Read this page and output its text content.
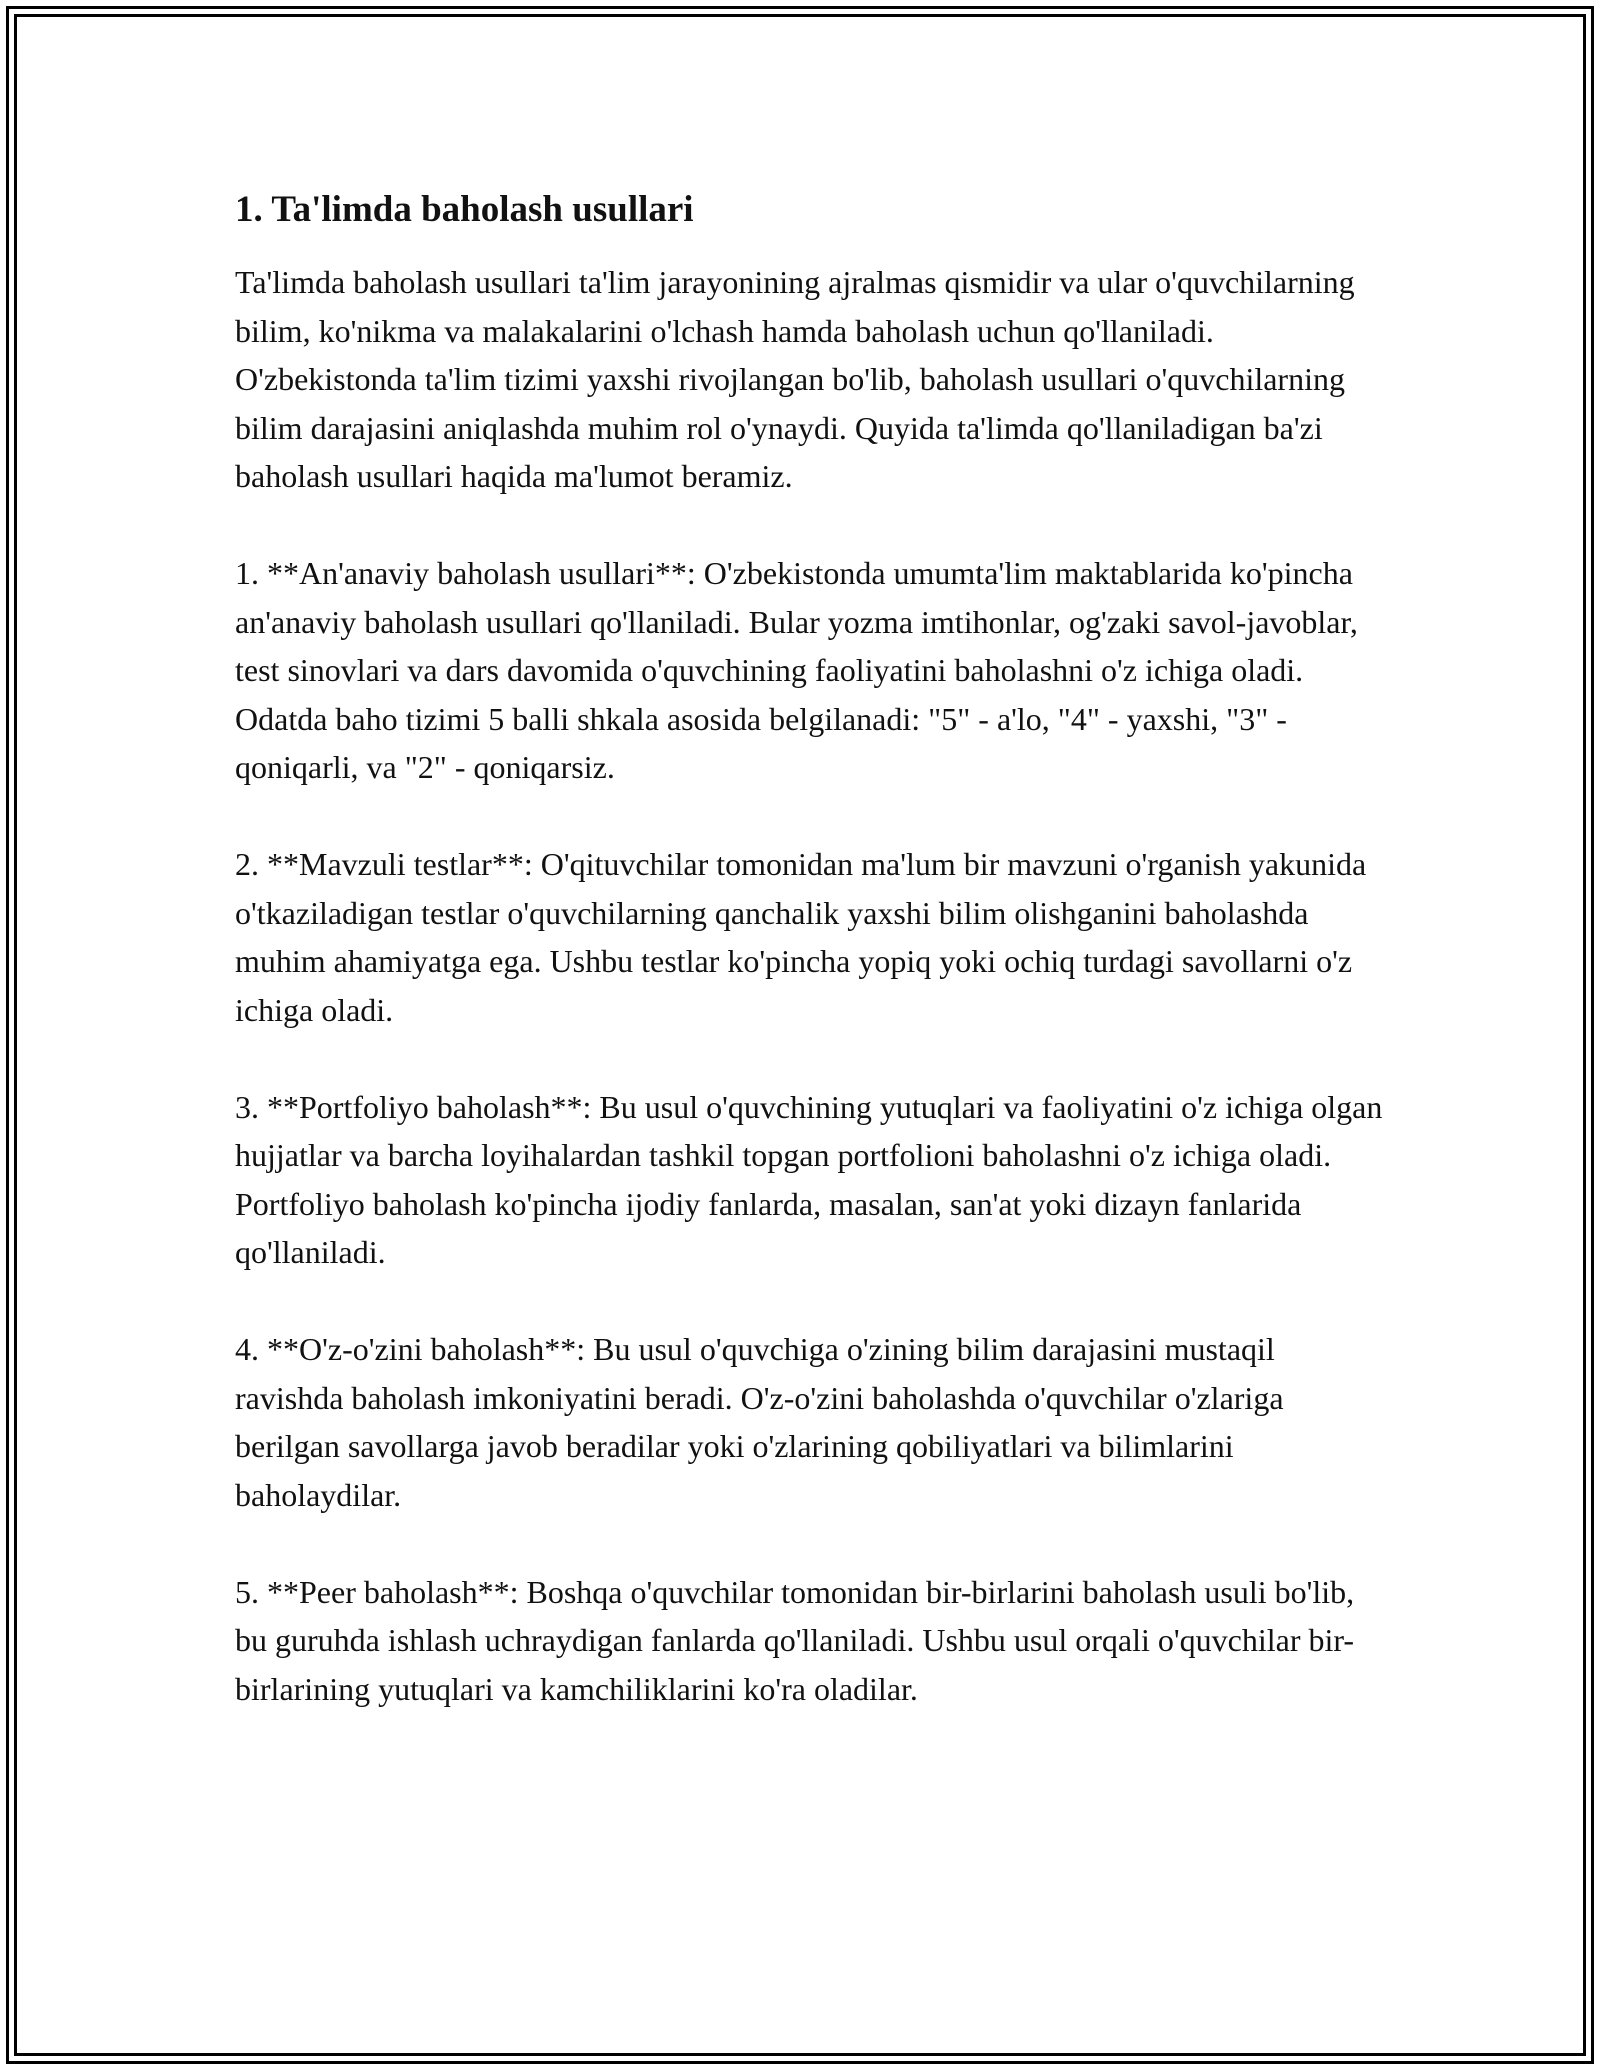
1. Ta'limda baholash usullari

Ta'limda baholash usullari ta'lim jarayonining ajralmas qismidir va ular o'quvchilarning bilim, ko'nikma va malakalarini o'lchash hamda baholash uchun qo'llaniladi. O'zbekistonda ta'lim tizimi yaxshi rivojlangan bo'lib, baholash usullari o'quvchilarning bilim darajasini aniqlashda muhim rol o'ynaydi. Quyida ta'limda qo'llaniladigan ba'zi baholash usullari haqida ma'lumot beramiz.

1. **An'anaviy baholash usullari**: O'zbekistonda umumta'lim maktablarida ko'pincha an'anaviy baholash usullari qo'llaniladi. Bular yozma imtihonlar, og'zaki savol-javoblar, test sinovlari va dars davomida o'quvchining faoliyatini baholashni o'z ichiga oladi. Odatda baho tizimi 5 balli shkala asosida belgilanadi: "5" - a'lo, "4" - yaxshi, "3" - qoniqarli, va "2" - qoniqarsiz.

2. **Mavzuli testlar**: O'qituvchilar tomonidan ma'lum bir mavzuni o'rganish yakunida o'tkaziladigan testlar o'quvchilarning qanchalik yaxshi bilim olishganini baholashda muhim ahamiyatga ega. Ushbu testlar ko'pincha yopiq yoki ochiq turdagi savollarni o'z ichiga oladi.

3. **Portfoliyo baholash**: Bu usul o'quvchining yutuqlari va faoliyatini o'z ichiga olgan hujjatlar va barcha loyihalardan tashkil topgan portfolioni baholashni o'z ichiga oladi. Portfoliyo baholash ko'pincha ijodiy fanlarda, masalan, san'at yoki dizayn fanlarida qo'llaniladi.

4. **O'z-o'zini baholash**: Bu usul o'quvchiga o'zining bilim darajasini mustaqil ravishda baholash imkoniyatini beradi. O'z-o'zini baholashda o'quvchilar o'zlariga berilgan savollarga javob beradilar yoki o'zlarining qobiliyatlari va bilimlarini baholaydilar.

5. **Peer baholash**: Boshqa o'quvchilar tomonidan bir-birlarini baholash usuli bo'lib, bu guruhda ishlash uchraydigan fanlarda qo'llaniladi. Ushbu usul orqali o'quvchilar bir-birlarining yutuqlari va kamchiliklarini ko'ra oladilar.
